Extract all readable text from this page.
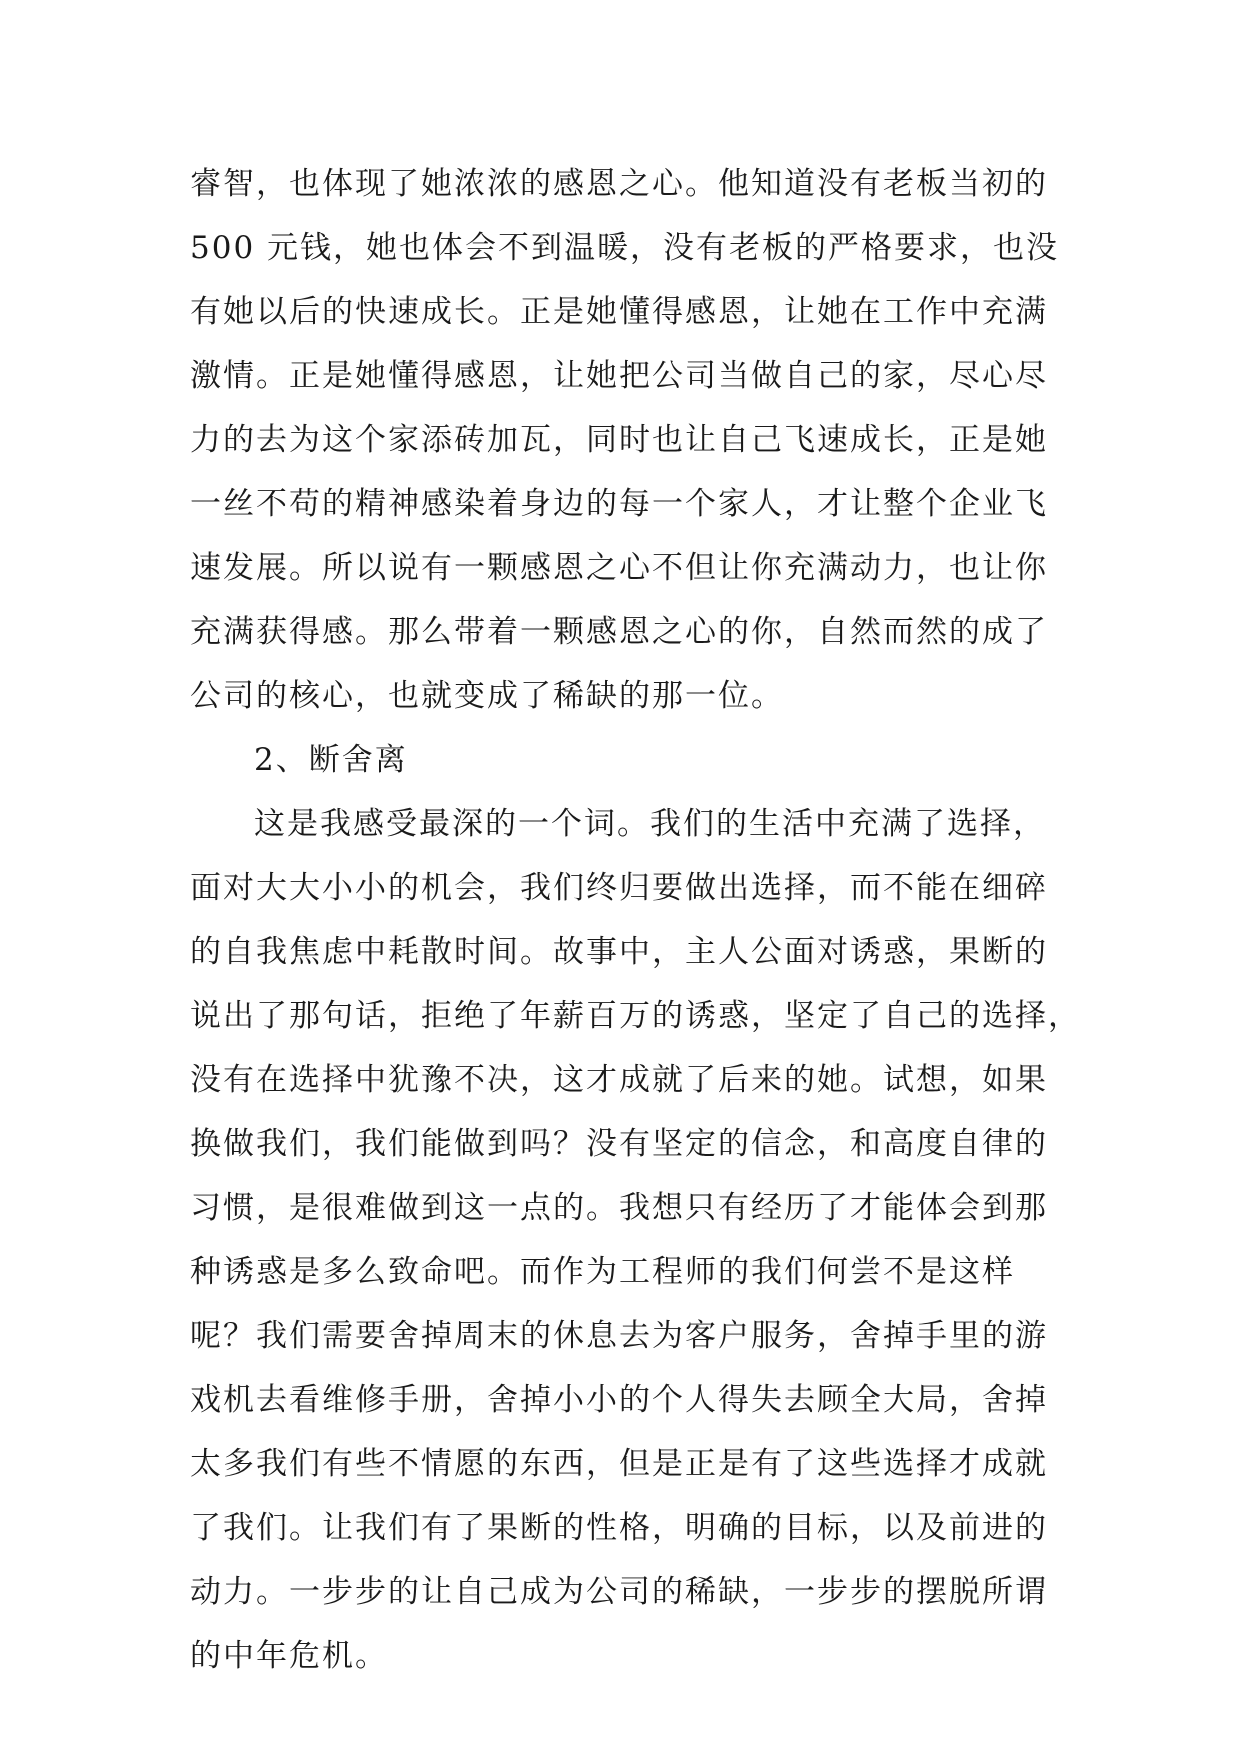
睿智，也体现了她浓浓的感恩之心。他知道没有老板当初的
500 元钱，她也体会不到温暖，没有老板的严格要求，也没
有她以后的快速成长。正是她懂得感恩，让她在工作中充满
激情。正是她懂得感恩，让她把公司当做自己的家，尽心尽
力的去为这个家添砖加瓦，同时也让自己飞速成长，正是她
一丝不苟的精神感染着身边的每一个家人，才让整个企业飞
速发展。所以说有一颗感恩之心不但让你充满动力，也让你
充满获得感。那么带着一颗感恩之心的你，自然而然的成了
公司的核心，也就变成了稀缺的那一位。
2、断舍离
这是我感受最深的一个词。我们的生活中充满了选择，
面对大大小小的机会，我们终归要做出选择，而不能在细碎
的自我焦虑中耗散时间。故事中，主人公面对诱惑，果断的
说出了那句话，拒绝了年薪百万的诱惑，坚定了自己的选择，
没有在选择中犹豫不决，这才成就了后来的她。试想，如果
换做我们，我们能做到吗？没有坚定的信念，和高度自律的
习惯，是很难做到这一点的。我想只有经历了才能体会到那
种诱惑是多么致命吧。而作为工程师的我们何尝不是这样
呢？我们需要舍掉周末的休息去为客户服务，舍掉手里的游
戏机去看维修手册，舍掉小小的个人得失去顾全大局，舍掉
太多我们有些不情愿的东西，但是正是有了这些选择才成就
了我们。让我们有了果断的性格，明确的目标，以及前进的
动力。一步步的让自己成为公司的稀缺，一步步的摆脱所谓
的中年危机。
